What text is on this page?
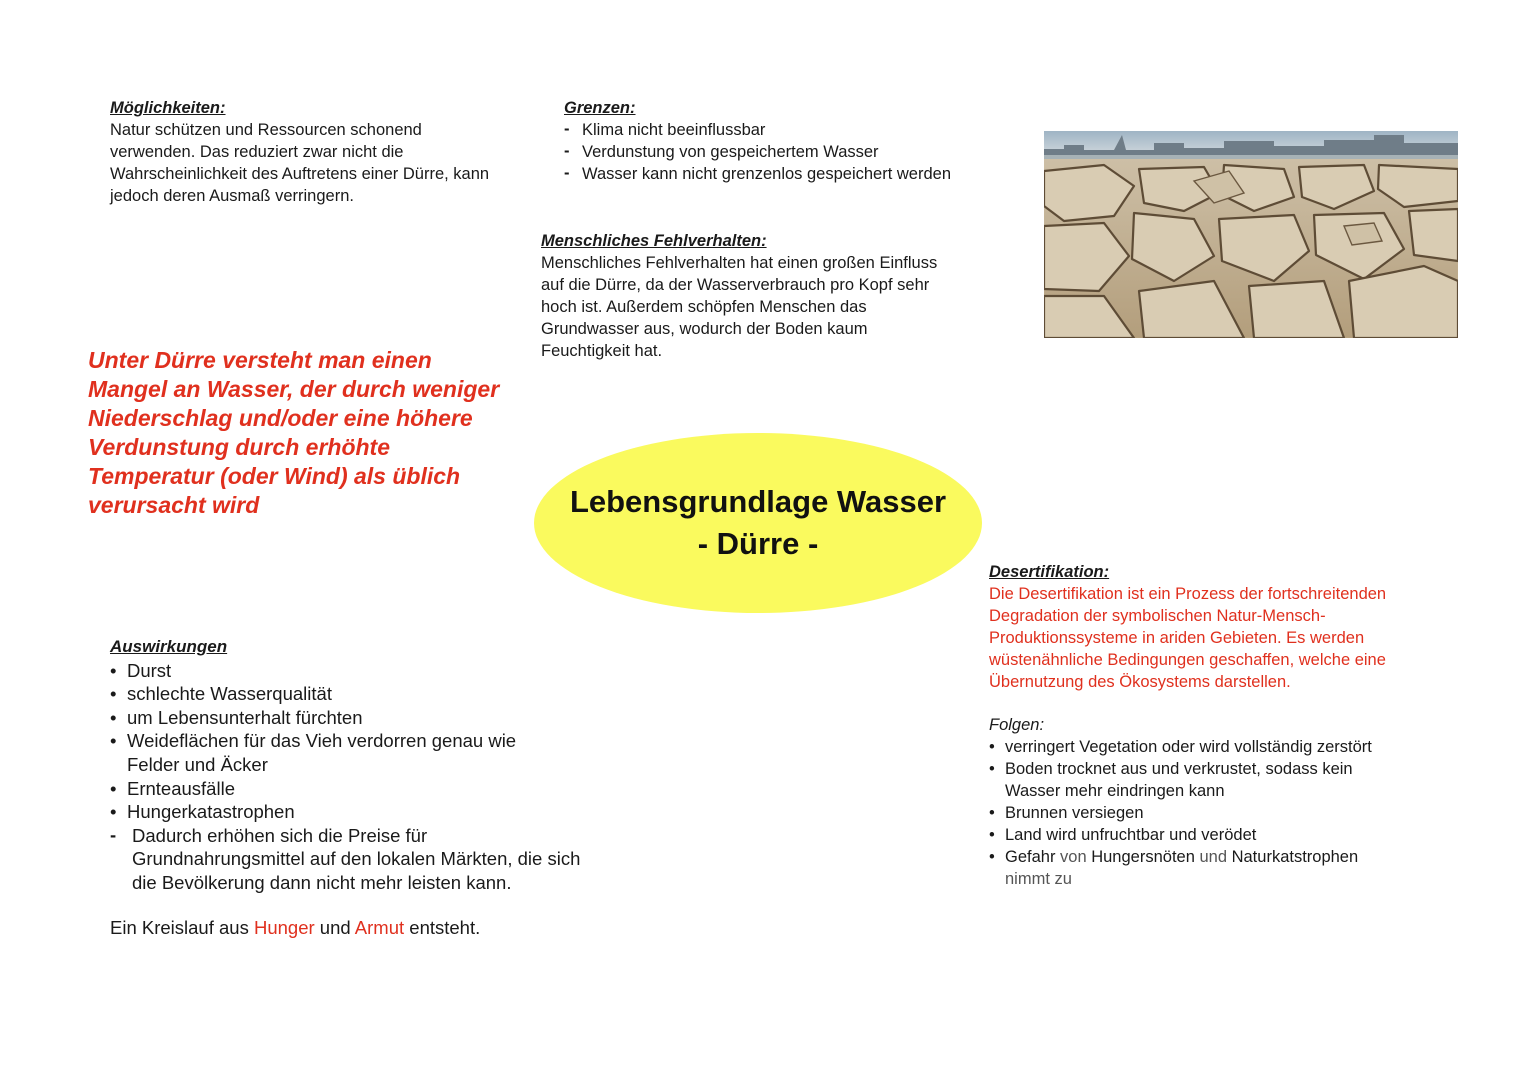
Möglichkeiten:
Natur schützen und Ressourcen schonend
verwenden. Das reduziert zwar nicht die
Wahrscheinlichkeit des Auftretens einer Dürre, kann
jedoch deren Ausmaß verringern.
Grenzen:
- Klima nicht beeinflussbar
- Verdunstung von gespeichertem Wasser
- Wasser kann nicht grenzenlos gespeichert werden
Menschliches Fehlverhalten:
Menschliches Fehlverhalten hat einen großen Einfluss
auf die Dürre, da der Wasserverbrauch pro Kopf sehr
hoch ist. Außerdem schöpfen Menschen das
Grundwasser aus, wodurch der Boden kaum
Feuchtigkeit hat.
Unter Dürre versteht man einen
Mangel an Wasser, der durch weniger
Niederschlag und/oder eine höhere
Verdunstung durch erhöhte
Temperatur (oder Wind) als üblich
verursacht wird	Lebensgrundlage Wasser
- Dürre -
Auswirkungen
• Durst
• schlechte Wasserqualität
• um Lebensunterhalt fürchten
• Weideflächen für das Vieh verdorren genau wie Felder und Äcker
• Ernteausfälle
• Hungerkatastrophen
- Dadurch erhöhen sich die Preise für Grundnahrungsmittel auf den lokalen Märkten, die sich die Bevölkerung dann nicht mehr leisten kann.
Ein Kreislauf aus Hunger und Armut entsteht.
Desertifikation:
Die Desertifikation ist ein Prozess der fortschreitenden Degradation der symbolischen Natur-Mensch-Produktionssysteme in ariden Gebieten. Es werden wüstenähnliche Bedingungen geschaffen, welche eine Übernutzung des Ökosystems darstellen.
Folgen:
• verringert Vegetation oder wird vollständig zerstört
• Boden trocknet aus und verkrustet, sodass kein Wasser mehr eindringen kann
• Brunnen versiegen
• Land wird unfruchtbar und verödet
• Gefahr von Hungersnöten und Naturkatstrophen
nimmt zu
